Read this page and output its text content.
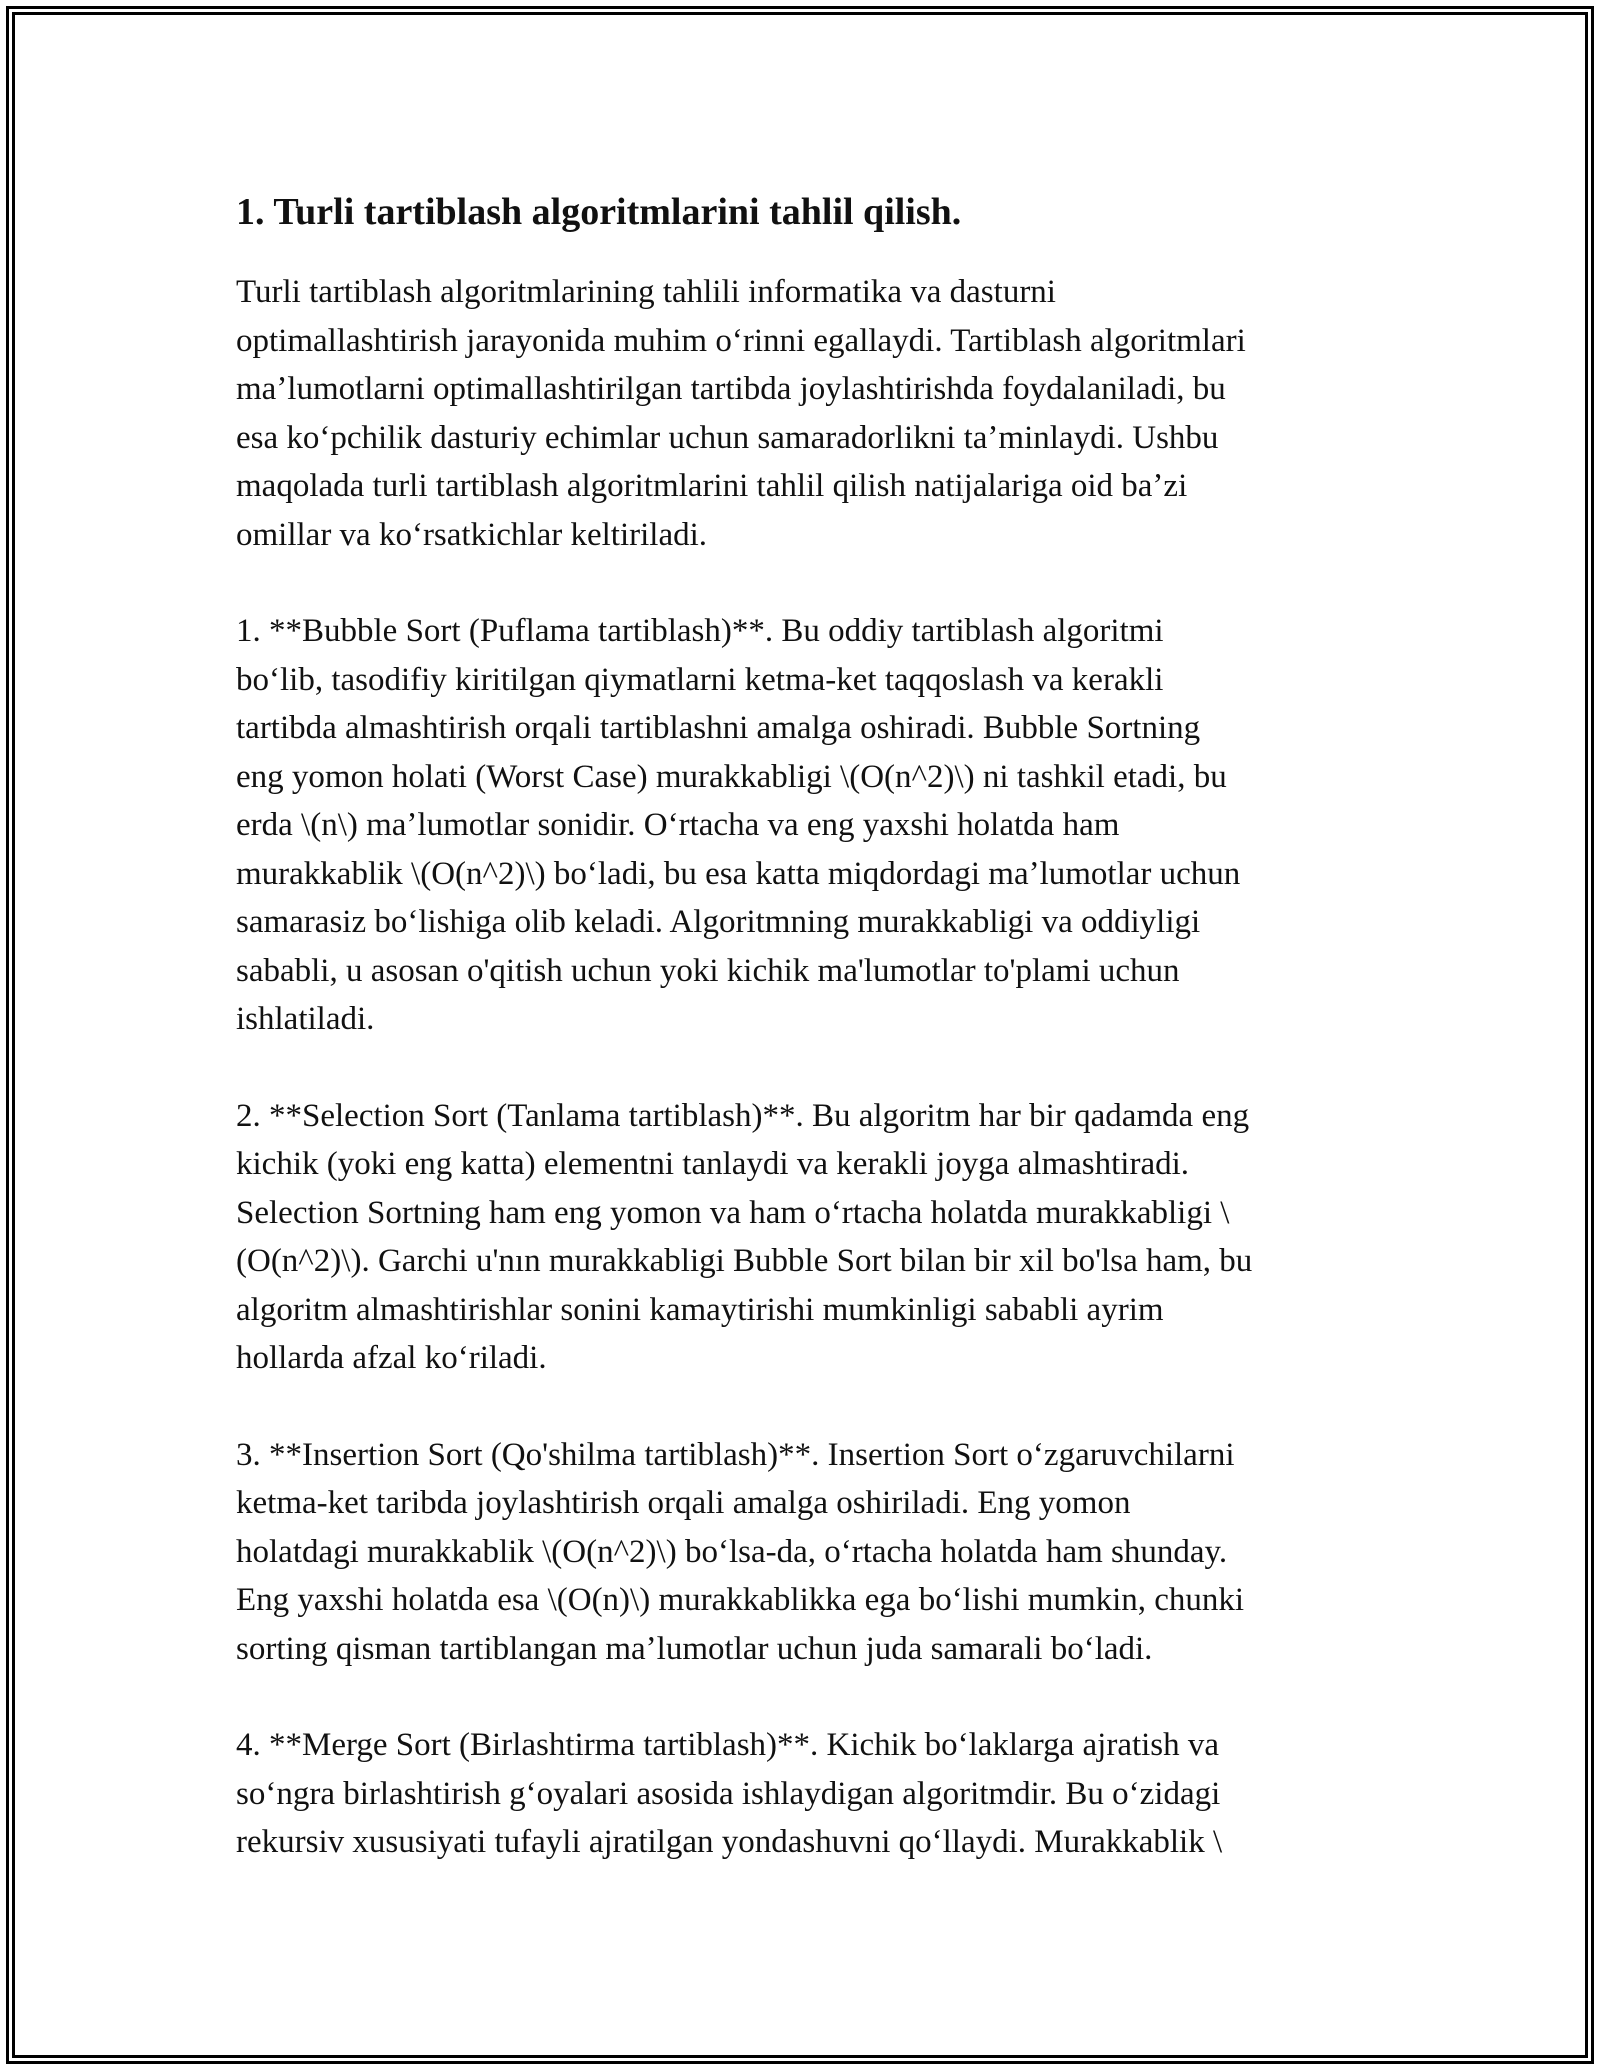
1. Turli tartiblash algoritmlarini tahlil qilish.

Turli tartiblash algoritmlarining tahlili informatika va dasturni
optimallashtirish jarayonida muhim oʻrinni egallaydi. Tartiblash algoritmlari
maʼlumotlarni optimallashtirilgan tartibda joylashtirishda foydalaniladi, bu
esa koʻpchilik dasturiy echimlar uchun samaradorlikni taʼminlaydi. Ushbu
maqolada turli tartiblash algoritmlarini tahlil qilish natijalariga oid baʼzi
omillar va koʻrsatkichlar keltiriladi.

1. **Bubble Sort (Puflama tartiblash)**. Bu oddiy tartiblash algoritmi
boʻlib, tasodifiy kiritilgan qiymatlarni ketma-ket taqqoslash va kerakli
tartibda almashtirish orqali tartiblashni amalga oshiradi. Bubble Sortning
eng yomon holati (Worst Case) murakkabligi \(O(n^2)\) ni tashkil etadi, bu
erda \(n\) maʼlumotlar sonidir. Oʻrtacha va eng yaxshi holatda ham
murakkablik \(O(n^2)\) boʻladi, bu esa katta miqdordagi maʼlumotlar uchun
samarasiz boʻlishiga olib keladi. Algoritmning murakkabligi va oddiyligi
sababli, u asosan o'qitish uchun yoki kichik ma'lumotlar to'plami uchun
ishlatiladi.

2. **Selection Sort (Tanlama tartiblash)**. Bu algoritm har bir qadamda eng
kichik (yoki eng katta) elementni tanlaydi va kerakli joyga almashtiradi.
Selection Sortning ham eng yomon va ham oʻrtacha holatda murakkabligi \
(O(n^2)\). Garchi u'nın murakkabligi Bubble Sort bilan bir xil bo'lsa ham, bu
algoritm almashtirishlar sonini kamaytirishi mumkinligi sababli ayrim
hollarda afzal koʻriladi.

3. **Insertion Sort (Qo'shilma tartiblash)**. Insertion Sort oʻzgaruvchilarni
ketma-ket taribda joylashtirish orqali amalga oshiriladi. Eng yomon
holatdagi murakkablik \(O(n^2)\) boʻlsa-da, oʻrtacha holatda ham shunday.
Eng yaxshi holatda esa \(O(n)\) murakkablikka ega boʻlishi mumkin, chunki
sorting qisman tartiblangan maʼlumotlar uchun juda samarali boʻladi.

4. **Merge Sort (Birlashtirma tartiblash)**. Kichik boʻlaklarga ajratish va
soʻngra birlashtirish gʻoyalari asosida ishlaydigan algoritmdir. Bu oʻzidagi
rekursiv xususiyati tufayli ajratilgan yondashuvni qoʻllaydi. Murakkablik \
